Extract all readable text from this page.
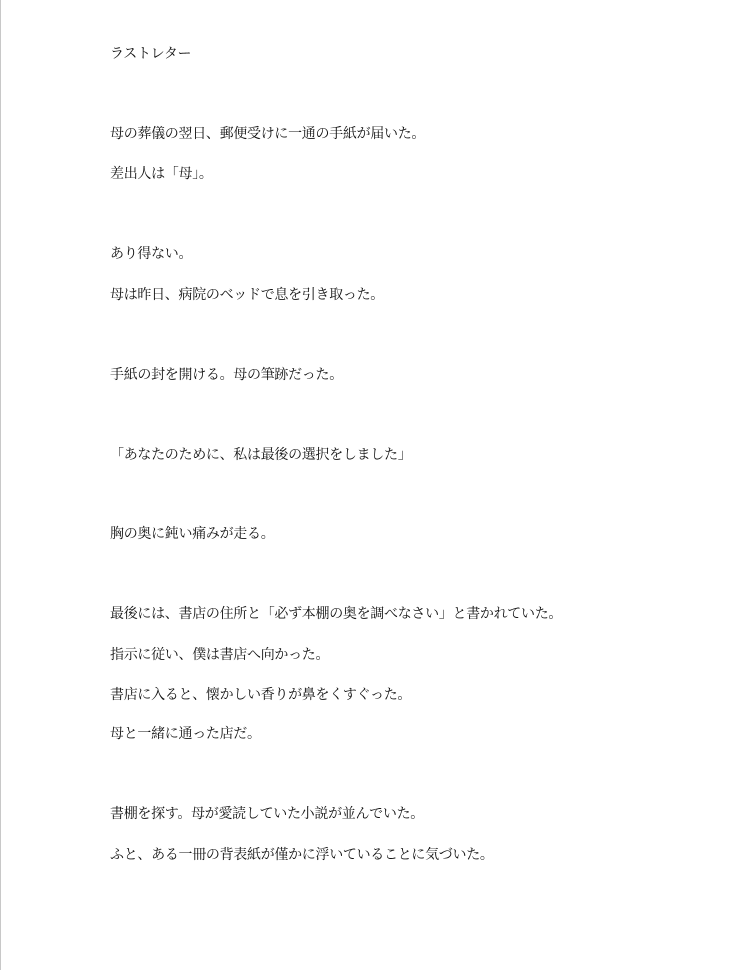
ラストレター
母の葬儀の翌日、郵便受けに一通の手紙が届いた。
差出人は「母」。
あり得ない。
母は昨日、病院のベッドで息を引き取った。
手紙の封を開ける。母の筆跡だった。
「あなたのために、私は最後の選択をしました」
胸の奥に鈍い痛みが走る。
最後には、書店の住所と「必ず本棚の奥を調べなさい」と書かれていた。
指示に従い、僕は書店へ向かった。
書店に入ると、懐かしい香りが鼻をくすぐった。
母と一緒に通った店だ。
書棚を探す。母が愛読していた小説が並んでいた。
ふと、ある一冊の背表紙が僅かに浮いていることに気づいた。
